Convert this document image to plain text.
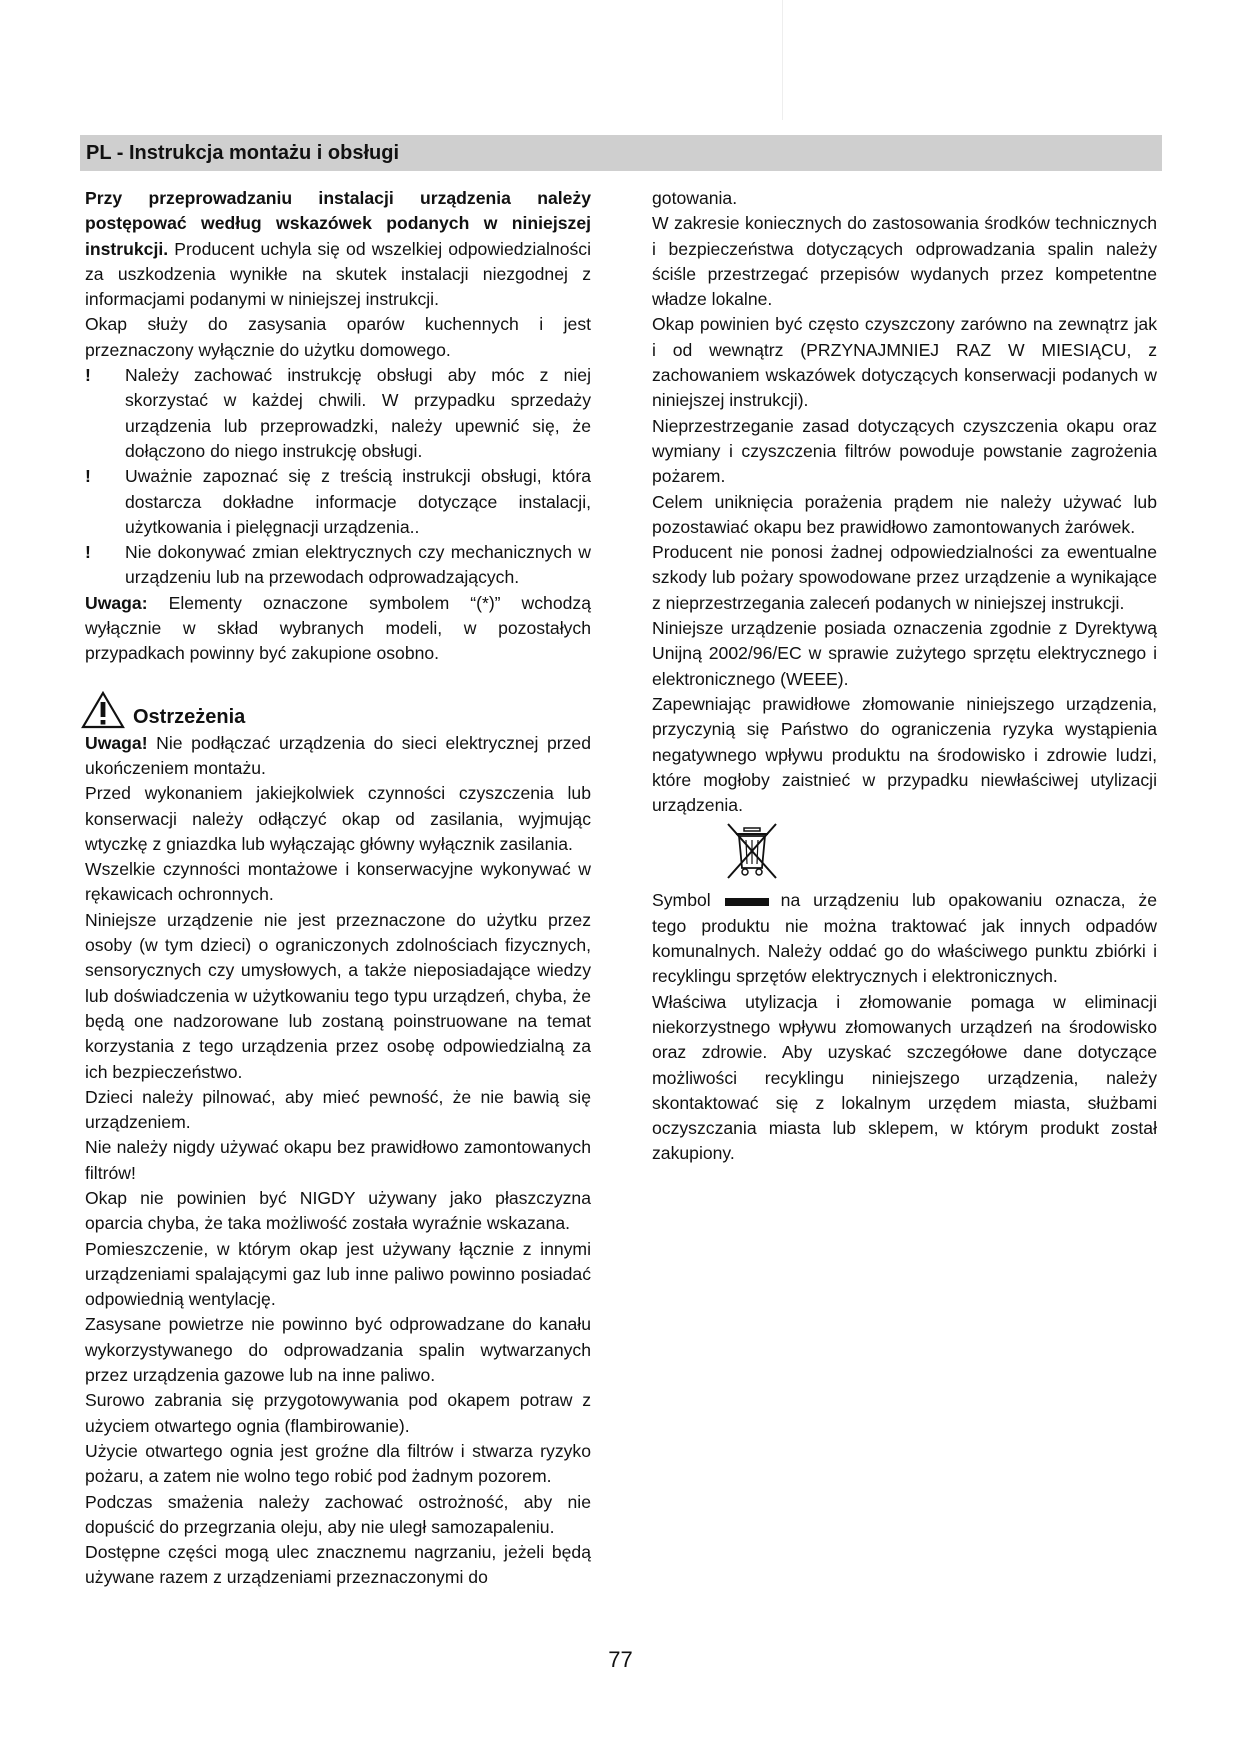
PL - Instrukcja montażu i obsługi

Przy przeprowadzaniu instalacji urządzenia należy postępować według wskazówek podanych w niniejszej instrukcji. Producent uchyla się od wszelkiej odpowiedzialności za uszkodzenia wynikłe na skutek instalacji niezgodnej z informacjami podanymi w niniejszej instrukcji.

Okap służy do zasysania oparów kuchennych i jest przeznaczony wyłącznie do użytku domowego.

!	Należy zachować instrukcję obsługi aby móc z niej skorzystać w każdej chwili. W przypadku sprzedaży urządzenia lub przeprowadzki, należy upewnić się, że dołączono do niego instrukcję obsługi.
!	Uważnie zapoznać się z treścią instrukcji obsługi, która dostarcza dokładne informacje dotyczące instalacji, użytkowania i pielęgnacji urządzenia..
!	Nie dokonywać zmian elektrycznych czy mechanicznych w urządzeniu lub na przewodach odprowadzających.

Uwaga: Elementy oznaczone symbolem “(*)” wchodzą wyłącznie w skład wybranych modeli, w pozostałych przypadkach powinny być zakupione osobno.

Ostrzeżenia

Uwaga! Nie podłączać urządzenia do sieci elektrycznej przed ukończeniem montażu.

Przed wykonaniem jakiejkolwiek czynności czyszczenia lub konserwacji należy odłączyć okap od zasilania, wyjmując wtyczkę z gniazdka lub wyłączając główny wyłącznik zasilania.

Wszelkie czynności montażowe i konserwacyjne wykonywać w rękawicach ochronnych.

Niniejsze urządzenie nie jest przeznaczone do użytku przez osoby (w tym dzieci) o ograniczonych zdolnościach fizycznych, sensorycznych czy umysłowych, a także nieposiadające wiedzy lub doświadczenia w użytkowaniu tego typu urządzeń, chyba, że będą one nadzorowane lub zostaną poinstruowane na temat korzystania z tego urządzenia przez osobę odpowiedzialną za ich bezpieczeństwo.

Dzieci należy pilnować, aby mieć pewność, że nie bawią się urządzeniem.

Nie należy nigdy używać okapu bez prawidłowo zamontowanych filtrów!

Okap nie powinien być NIGDY używany jako płaszczyzna oparcia chyba, że taka możliwość została wyraźnie wskazana.

Pomieszczenie, w którym okap jest używany łącznie z innymi urządzeniami spalającymi gaz lub inne paliwo powinno posiadać odpowiednią wentylację.

Zasysane powietrze nie powinno być odprowadzane do kanału wykorzystywanego do odprowadzania spalin wytwarzanych przez urządzenia gazowe lub na inne paliwo.

Surowo zabrania się przygotowywania pod okapem potraw z użyciem otwartego ognia (flambirowanie).

Użycie otwartego ognia jest groźne dla filtrów i stwarza ryzyko pożaru, a zatem nie wolno tego robić pod żadnym pozorem.

Podczas smażenia należy zachować ostrożność, aby nie dopuścić do przegrzania oleju, aby nie uległ samozapaleniu.

Dostępne części mogą ulec znacznemu nagrzaniu, jeżeli będą używane razem z urządzeniami przeznaczonymi do

gotowania.

W zakresie koniecznych do zastosowania środków technicznych i bezpieczeństwa dotyczących odprowadzania spalin należy ściśle przestrzegać przepisów wydanych przez kompetentne władze lokalne.

Okap powinien być często czyszczony zarówno na zewnątrz jak i od wewnątrz (PRZYNAJMNIEJ RAZ W MIESIĄCU, z zachowaniem wskazówek dotyczących konserwacji podanych w niniejszej instrukcji).

Nieprzestrzeganie zasad dotyczących czyszczenia okapu oraz wymiany i czyszczenia filtrów powoduje powstanie zagrożenia pożarem.

Celem uniknięcia porażenia prądem nie należy używać lub pozostawiać okapu bez prawidłowo zamontowanych żarówek.

Producent nie ponosi żadnej odpowiedzialności za ewentualne szkody lub pożary spowodowane przez urządzenie a wynikające z nieprzestrzegania zaleceń podanych w niniejszej instrukcji.

Niniejsze urządzenie posiada oznaczenia zgodnie z Dyrektywą Unijną 2002/96/EC w sprawie zużytego sprzętu elektrycznego i elektronicznego (WEEE).

Zapewniając prawidłowe złomowanie niniejszego urządzenia, przyczynią się Państwo do ograniczenia ryzyka wystąpienia negatywnego wpływu produktu na środowisko i zdrowie ludzi, które mogłoby zaistnieć w przypadku niewłaściwej utylizacji urządzenia.

Symbol	na urządzeniu lub opakowaniu oznacza, że

tego produktu nie można traktować jak innych odpadów komunalnych. Należy oddać go do właściwego punktu zbiórki i recyklingu sprzętów elektrycznych i elektronicznych.

Właściwa utylizacja i złomowanie pomaga w eliminacji niekorzystnego wpływu złomowanych urządzeń na środowisko oraz zdrowie. Aby uzyskać szczegółowe dane dotyczące możliwości recyklingu niniejszego urządzenia, należy skontaktować się z lokalnym urzędem miasta, służbami oczyszczania miasta lub sklepem, w którym produkt został zakupiony.

77
